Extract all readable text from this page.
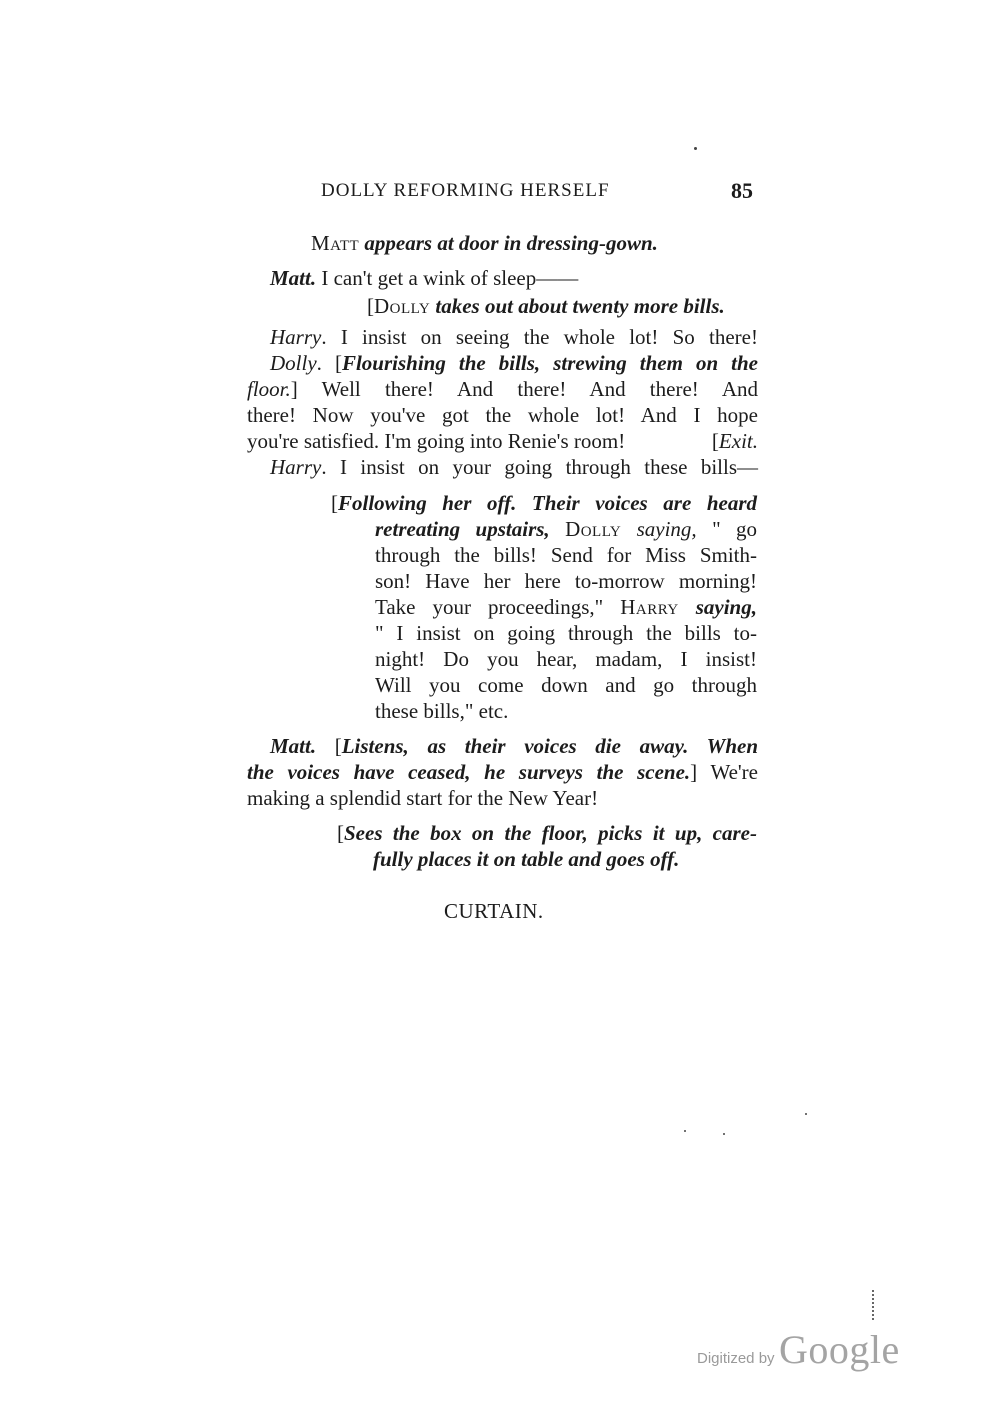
DOLLY REFORMING HERSELF	85
Matt appears at door in dressing-gown.
Matt. I can't get a wink of sleep——
[Dolly takes out about twenty more bills.
Harry. I insist on seeing the whole lot! So there!
Dolly. [Flourishing the bills, strewing them on the
floor.] Well there! And there! And there! And
there! Now you've got the whole lot! And I hope
you're satisfied. I'm going into Renie's room!	[Exit.
Harry. I insist on your going through these bills—
[Following her off. Their voices are heard
retreating upstairs, Dolly saying, " go
through the bills! Send for Miss Smith-
son! Have her here to-morrow morning!
Take your proceedings," Harry saying,
" I insist on going through the bills to-
night! Do you hear, madam, I insist!
Will you come down and go through
these bills," etc.
Matt. [Listens, as their voices die away. When
the voices have ceased, he surveys the scene.] We're
making a splendid start for the New Year!
[Sees the box on the floor, picks it up, care-
fully places it on table and goes off.
CURTAIN.
Digitized by Google
